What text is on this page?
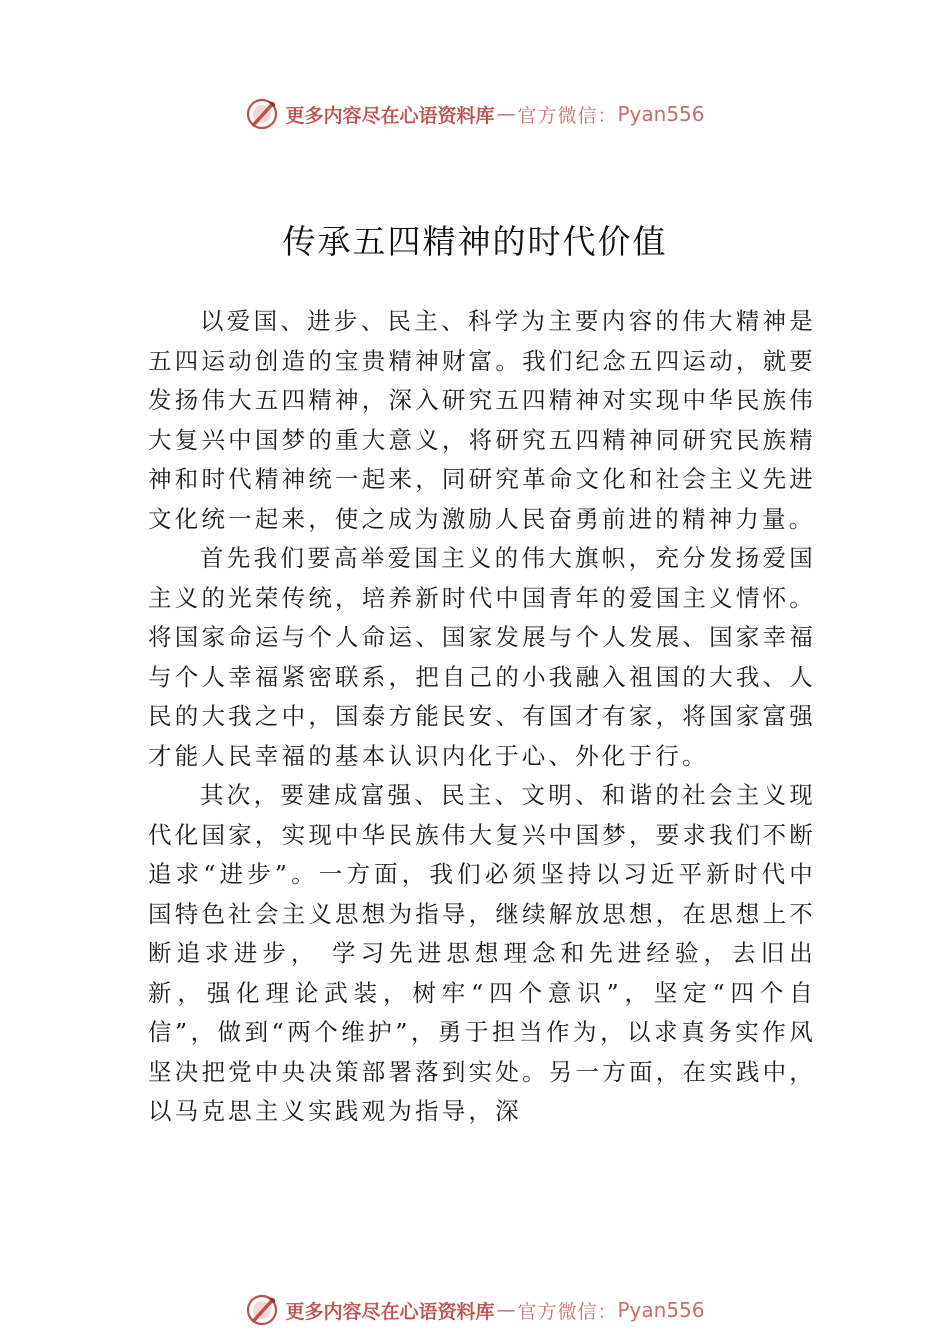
更多内容尽在心语资料库 — 官方微信： Pyan556
传承五四精神的时代价值

以爱国、进步、民主、科学为主要内容的伟大精神是五四运动创造的宝贵精神财富。我们纪念五四运动，就要发扬伟大五四精神，深入研究五四精神对实现中华民族伟大复兴中国梦的重大意义，将研究五四精神同研究民族精神和时代精神统一起来，同研究革命文化和社会主义先进文化统一起来，使之成为激励人民奋勇前进的精神力量。

首先我们要高举爱国主义的伟大旗帜，充分发扬爱国主义的光荣传统，培养新时代中国青年的爱国主义情怀。将国家命运与个人命运、国家发展与个人发展、国家幸福与个人幸福紧密联系，把自己的小我融入祖国的大我、人民的大我之中，国泰方能民安、有国才有家，将国家富强才能人民幸福的基本认识内化于心、外化于行。

其次，要建成富强、民主、文明、和谐的社会主义现代化国家，实现中华民族伟大复兴中国梦，要求我们不断追求“进步”。一方面，我们必须坚持以习近平新时代中国特色社会主义思想为指导，继续解放思想，在思想上不断追求进步， 学习先进思想理念和先进经验，去旧出新，强化理论武装，树牢“四个意识”，坚定“四个自信”，做到“两个维护”，勇于担当作为，以求真务实作风坚决把党中央决策部署落到实处。另一方面，在实践中，以马克思主义实践观为指导，深

更多内容尽在心语资料库 — 官方微信： Pyan556
